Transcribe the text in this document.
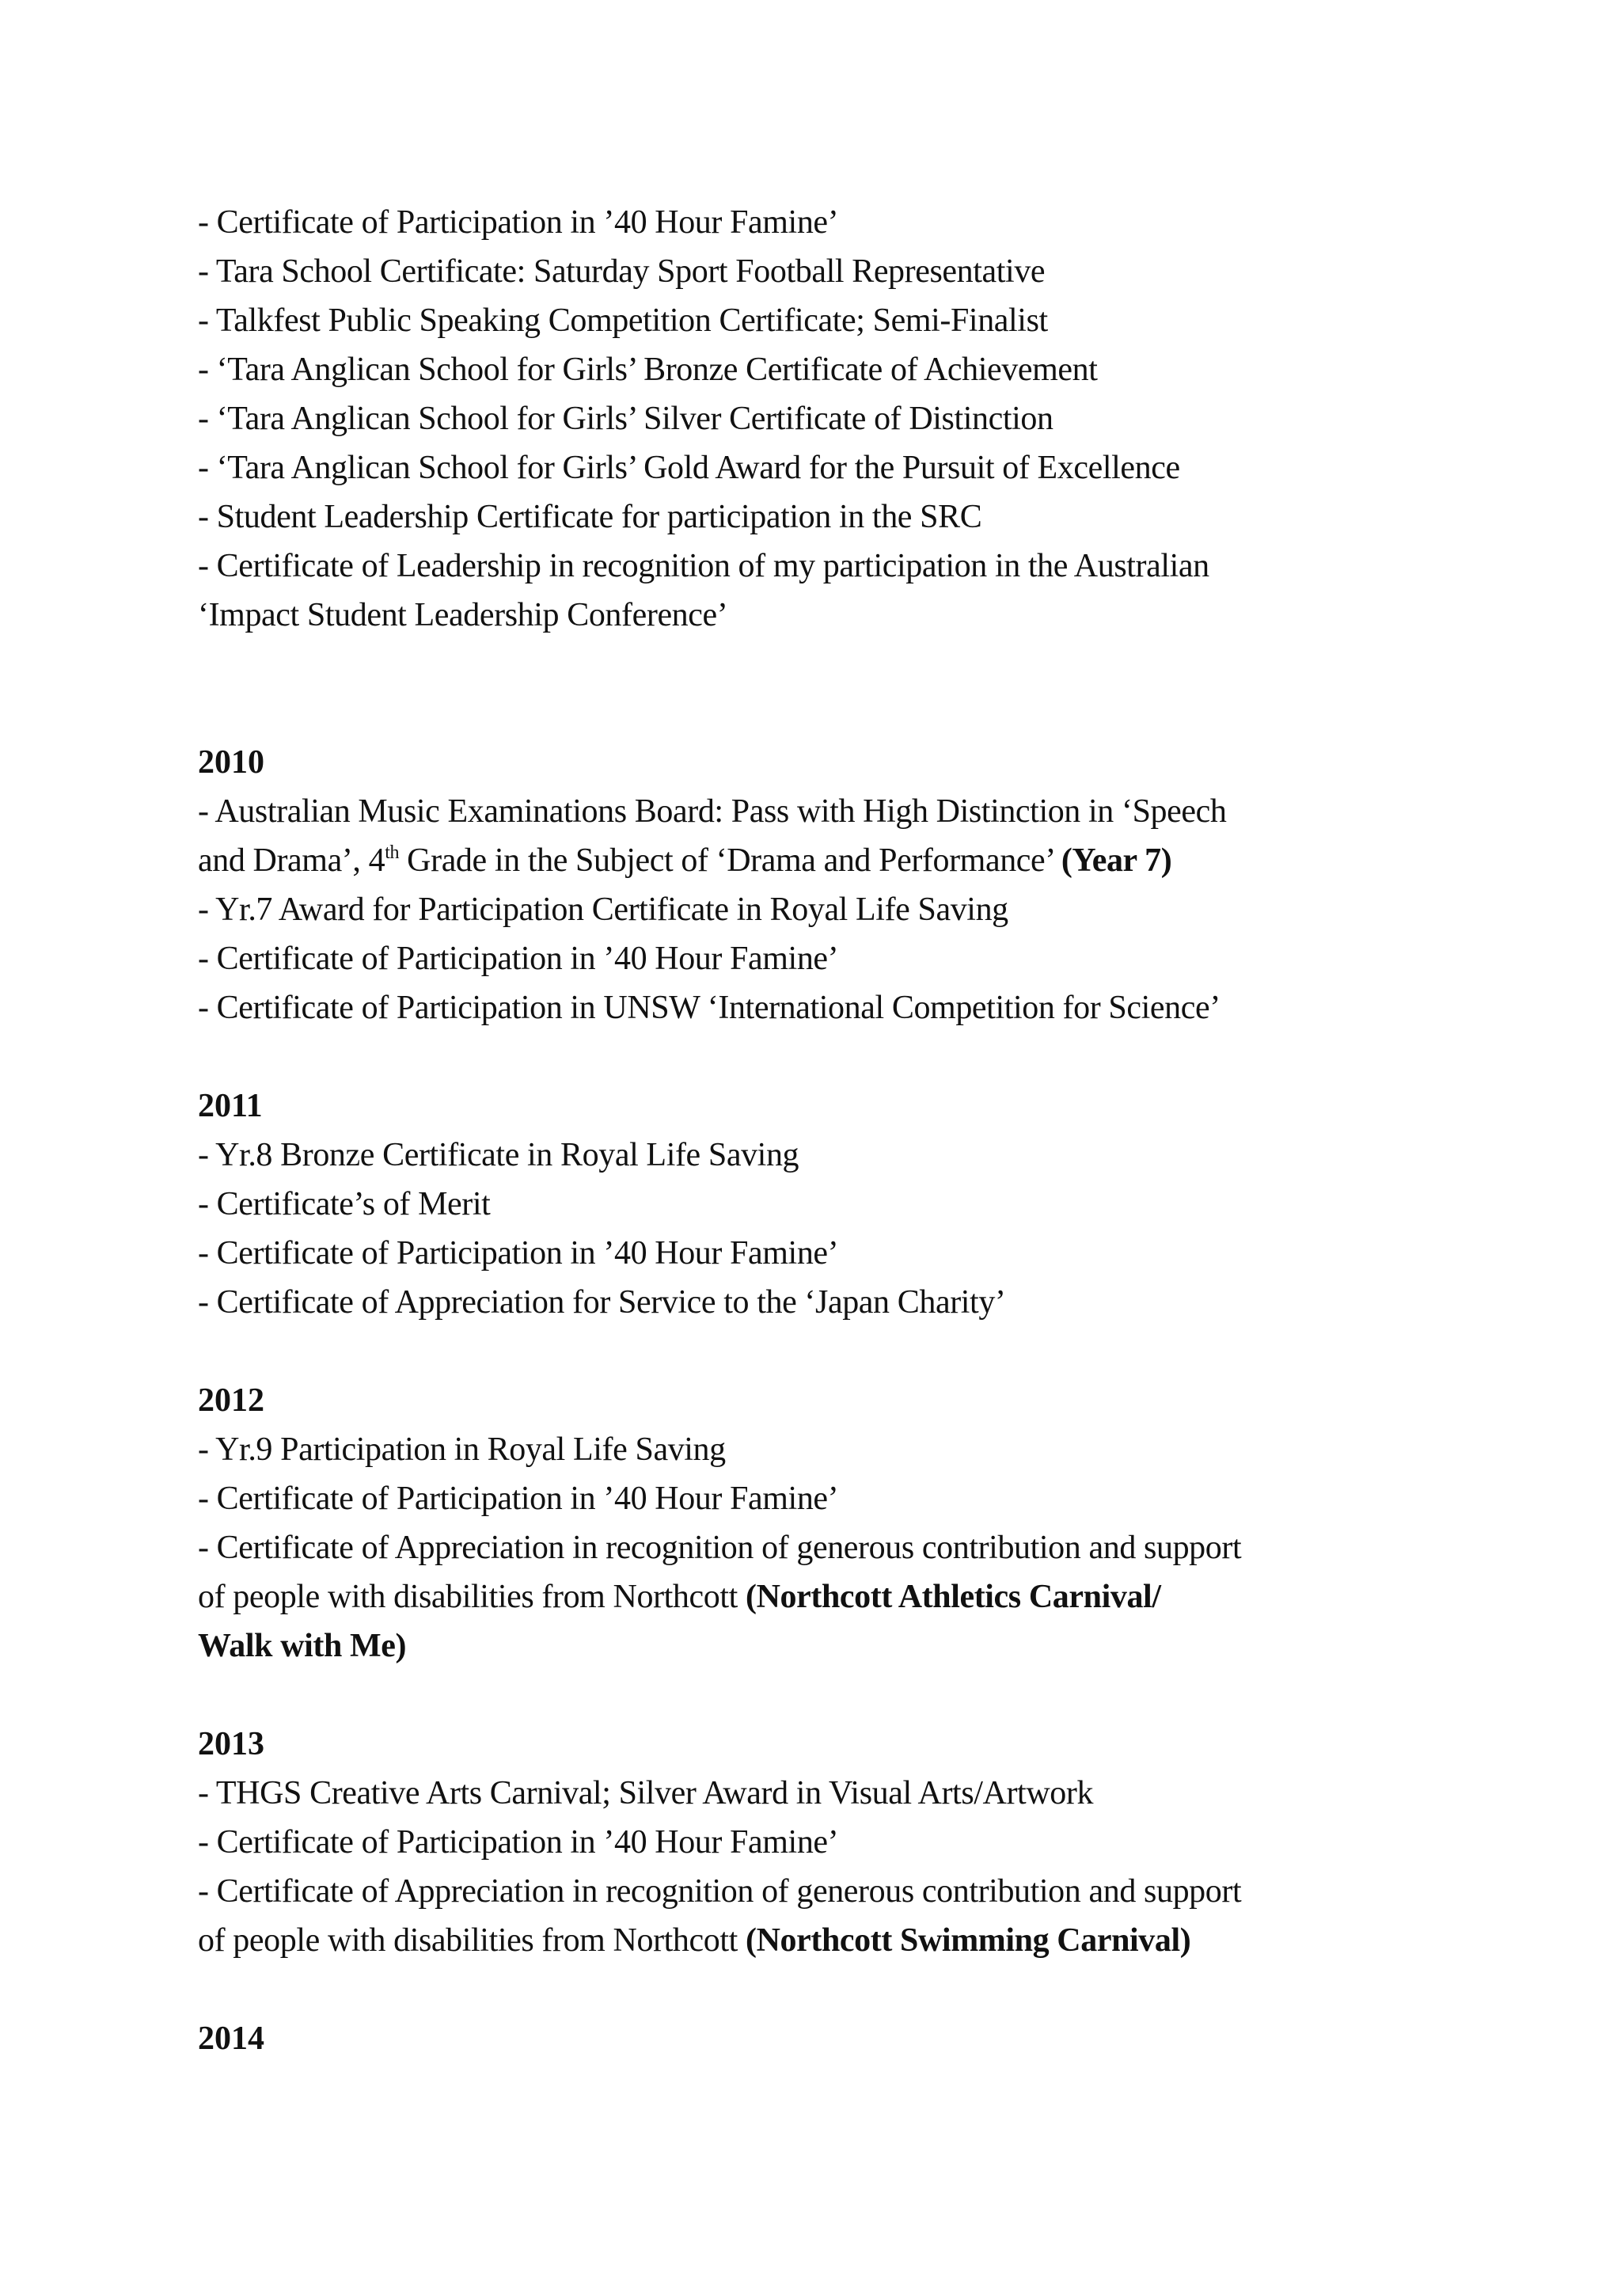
- Certificate of Participation in ’40 Hour Famine’
- Tara School Certificate: Saturday Sport Football Representative
- Talkfest Public Speaking Competition Certificate; Semi-Finalist
- ‘Tara Anglican School for Girls’ Bronze Certificate of Achievement
- ‘Tara Anglican School for Girls’ Silver Certificate of Distinction
- ‘Tara Anglican School for Girls’ Gold Award for the Pursuit of Excellence
- Student Leadership Certificate for participation in the SRC
- Certificate of Leadership in recognition of my participation in the Australian
‘Impact Student Leadership Conference’
2010
- Australian Music Examinations Board: Pass with High Distinction in ‘Speech
and Drama’, 4th Grade in the Subject of ‘Drama and Performance’ (Year 7)
- Yr.7 Award for Participation Certificate in Royal Life Saving
- Certificate of Participation in ’40 Hour Famine’
- Certificate of Participation in UNSW ‘International Competition for Science’
2011
- Yr.8 Bronze Certificate in Royal Life Saving
- Certificate’s of Merit
- Certificate of Participation in ’40 Hour Famine’
- Certificate of Appreciation for Service to the ‘Japan Charity’
2012
- Yr.9 Participation in Royal Life Saving
- Certificate of Participation in ’40 Hour Famine’
- Certificate of Appreciation in recognition of generous contribution and support
of people with disabilities from Northcott (Northcott Athletics Carnival/
Walk with Me)
2013
- THGS Creative Arts Carnival; Silver Award in Visual Arts/Artwork
- Certificate of Participation in ’40 Hour Famine’
- Certificate of Appreciation in recognition of generous contribution and support
of people with disabilities from Northcott (Northcott Swimming Carnival)
2014
